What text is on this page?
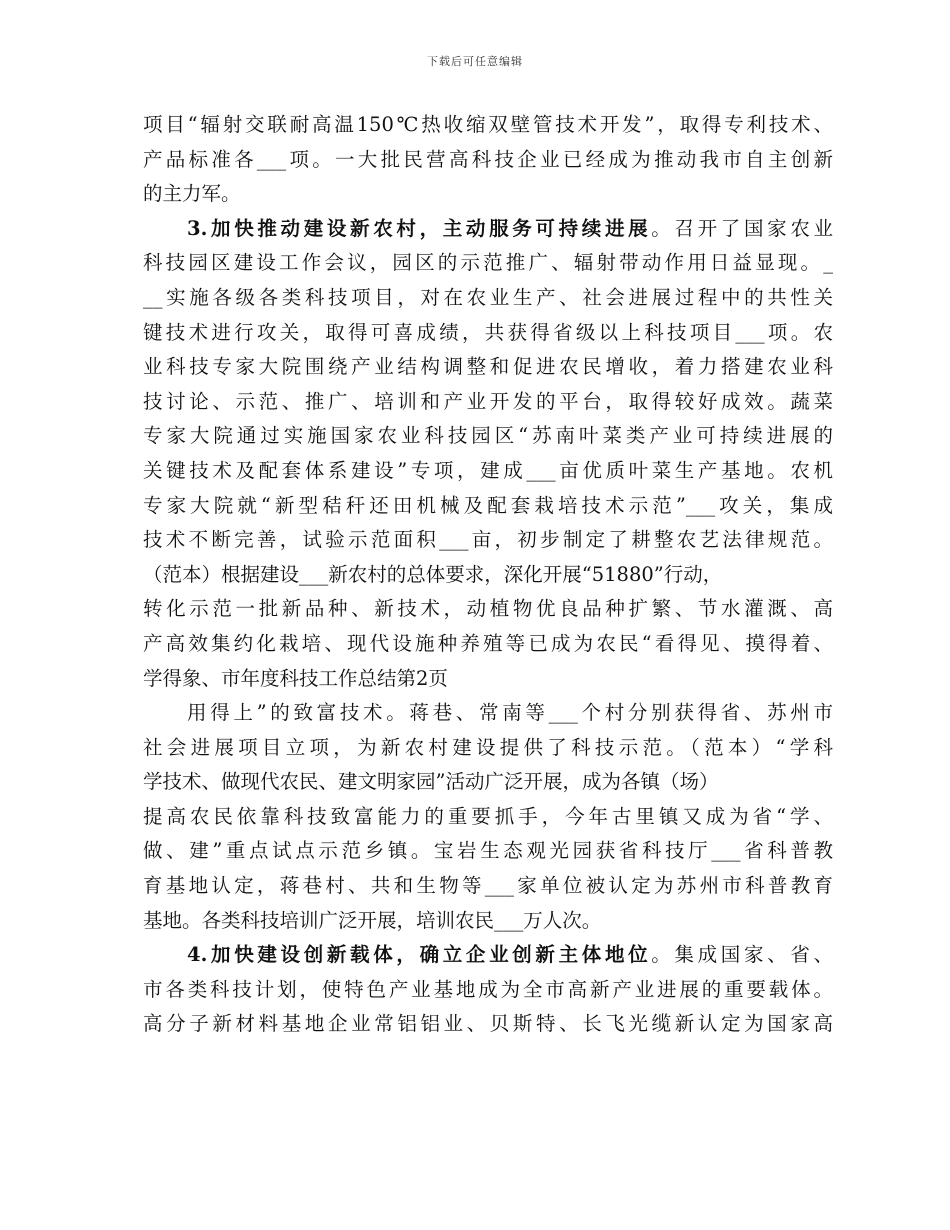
下载后可任意编辑
项目“辐射交联耐高温150℃热收缩双壁管技术开发”，取得专利技术、
产品标准各___项。一大批民营高科技企业已经成为推动我市自主创新
的主力军。
3.加快推动建设新农村，主动服务可持续进展。召开了国家农业
科技园区建设工作会议，园区的示范推广、辐射带动作用日益显现。_
__实施各级各类科技项目，对在农业生产、社会进展过程中的共性关
键技术进行攻关，取得可喜成绩，共获得省级以上科技项目___项。农
业科技专家大院围绕产业结构调整和促进农民增收，着力搭建农业科
技讨论、示范、推广、培训和产业开发的平台，取得较好成效。蔬菜
专家大院通过实施国家农业科技园区“苏南叶菜类产业可持续进展的
关键技术及配套体系建设”专项，建成___亩优质叶菜生产基地。农机
专家大院就“新型秸秆还田机械及配套栽培技术示范”___攻关，集成
技术不断完善，试验示范面积___亩，初步制定了耕整农艺法律规范。
（范本）根据建设___新农村的总体要求，深化开展“51880”行动，
转化示范一批新品种、新技术，动植物优良品种扩繁、节水灌溉、高
产高效集约化栽培、现代设施种养殖等已成为农民“看得见、摸得着、
学得象、市年度科技工作总结第2页
用得上”的致富技术。蒋巷、常南等___个村分别获得省、苏州市
社会进展项目立项，为新农村建设提供了科技示范。（范本）“学科
学技术、做现代农民、建文明家园”活动广泛开展，成为各镇（场）
提高农民依靠科技致富能力的重要抓手，今年古里镇又成为省“学、
做、建”重点试点示范乡镇。宝岩生态观光园获省科技厅___省科普教
育基地认定，蒋巷村、共和生物等___家单位被认定为苏州市科普教育
基地。各类科技培训广泛开展，培训农民___万人次。
4.加快建设创新载体，确立企业创新主体地位。集成国家、省、
市各类科技计划，使特色产业基地成为全市高新产业进展的重要载体。
高分子新材料基地企业常铝铝业、贝斯特、长飞光缆新认定为国家高
